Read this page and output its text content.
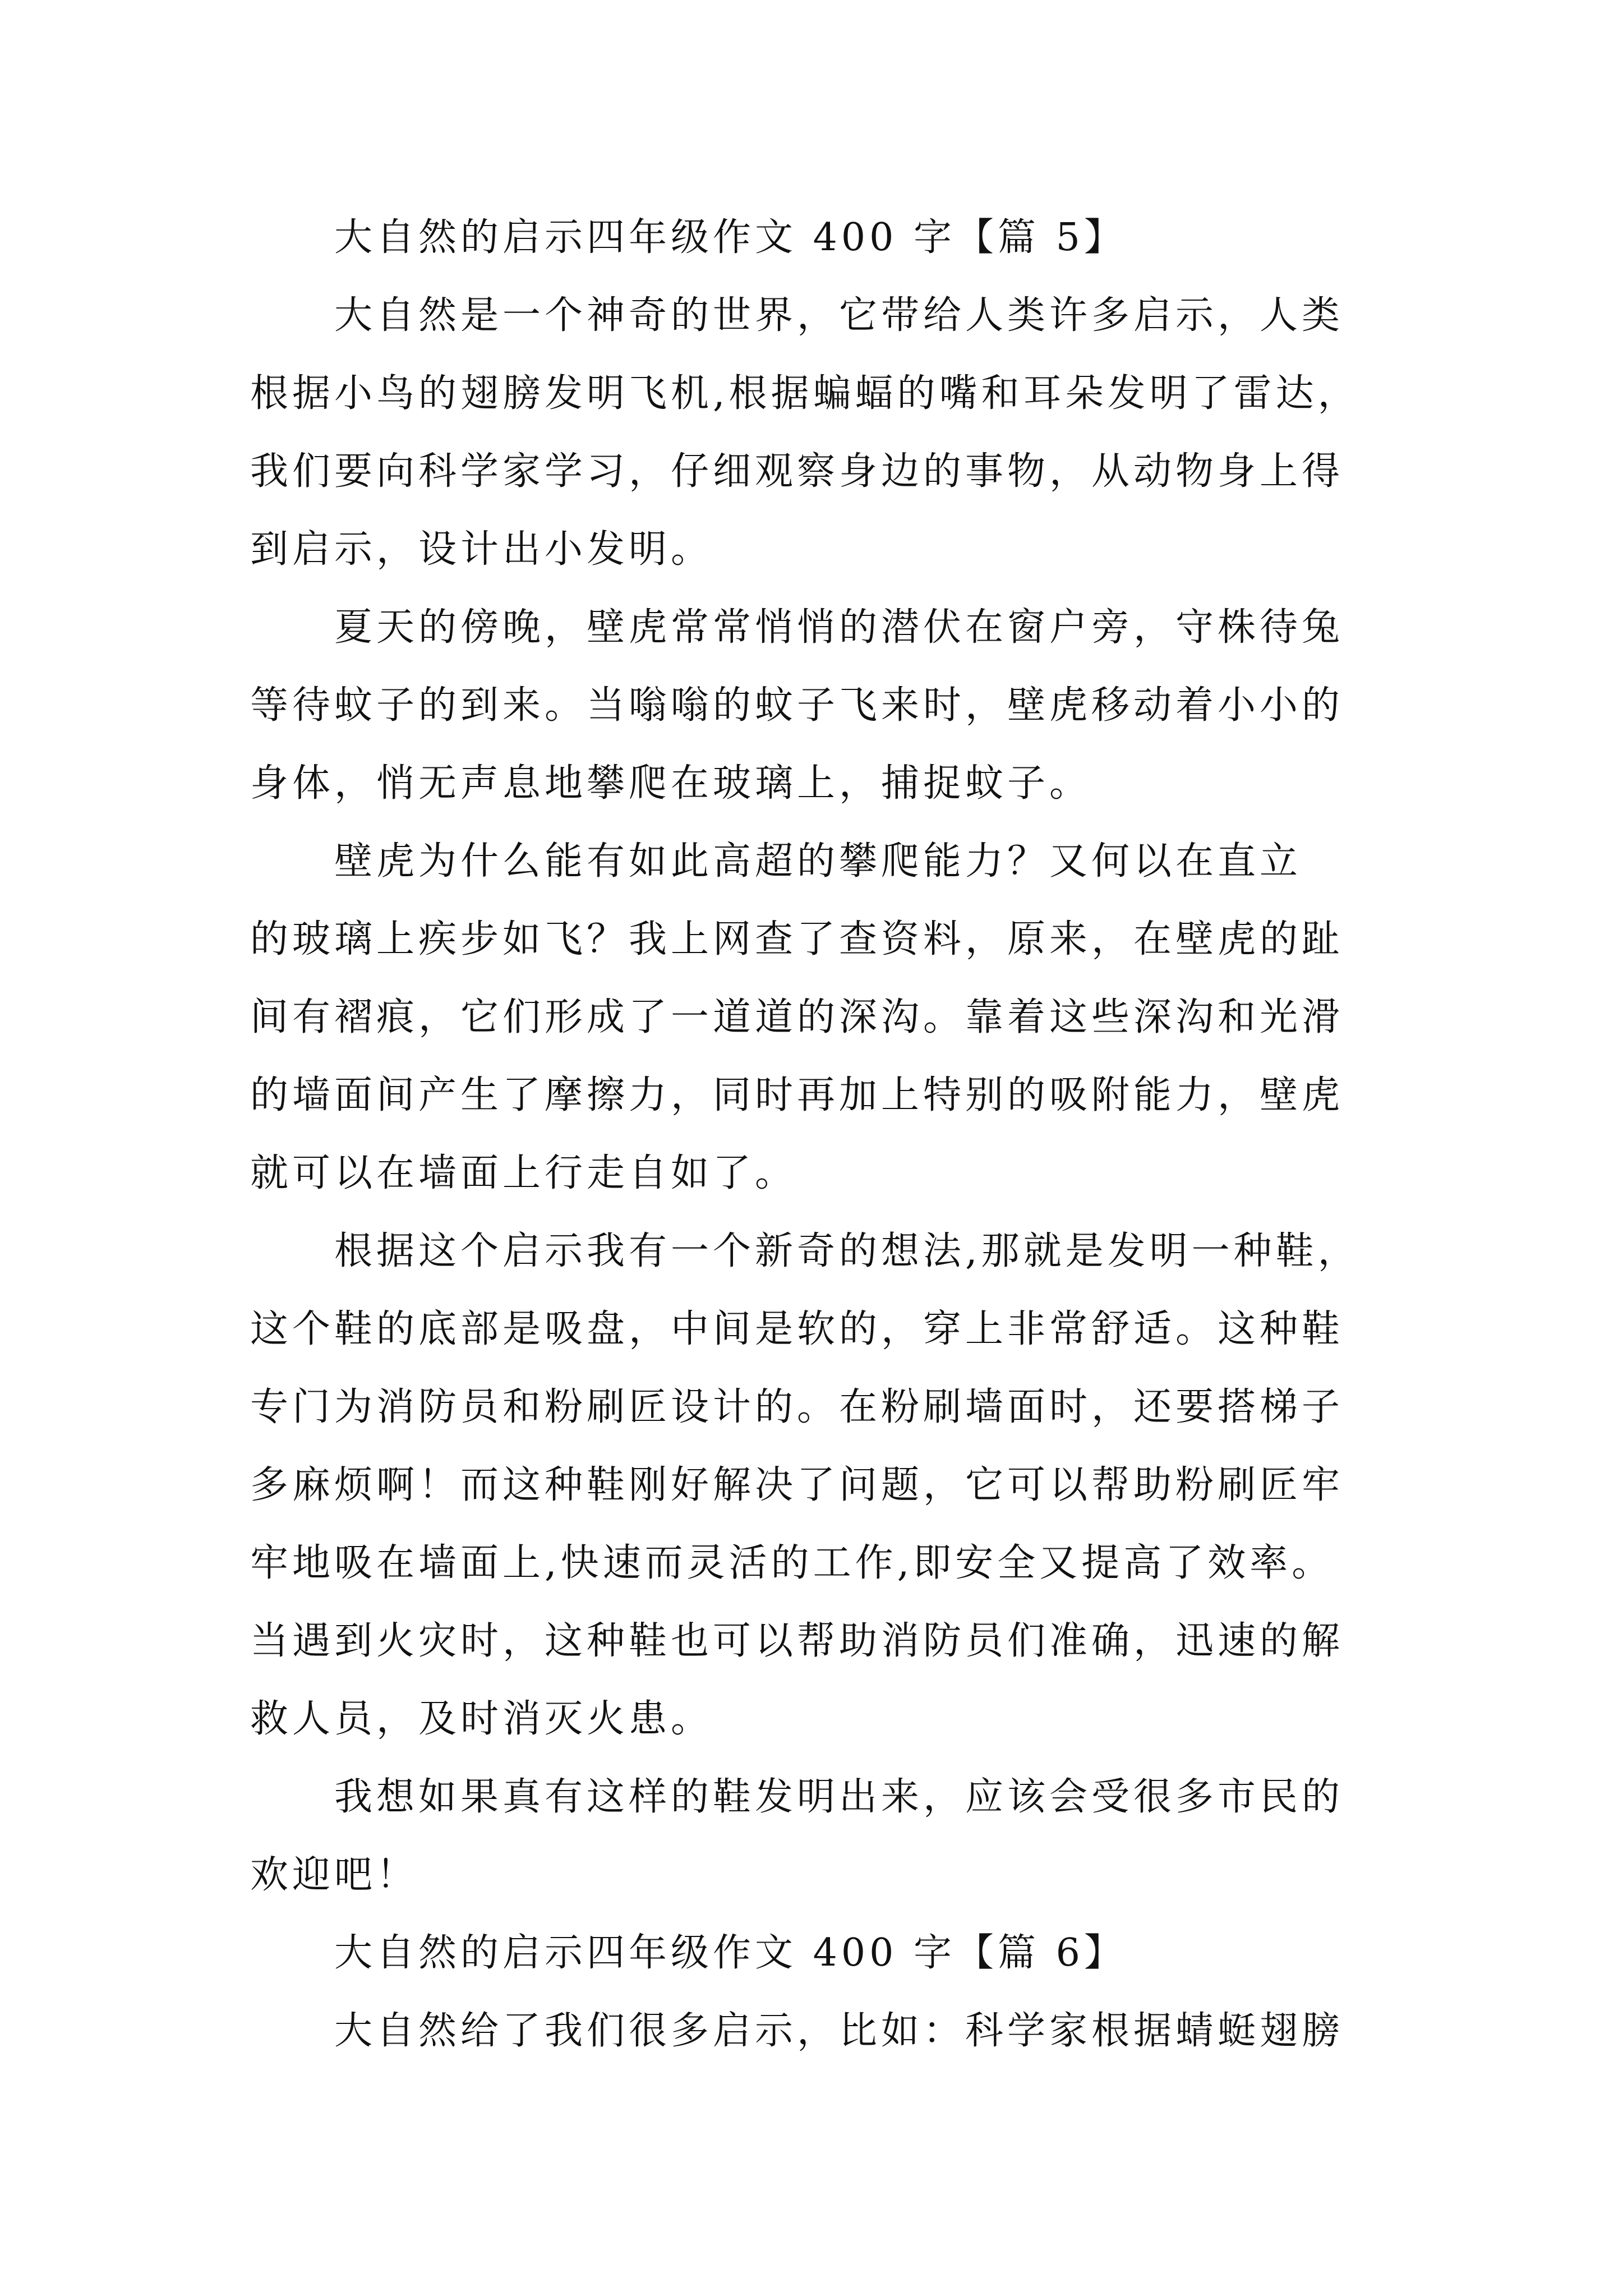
大自然的启示四年级作文 400 字【篇 5】
大自然是一个神奇的世界，它带给人类许多启示，人类
根据小鸟的翅膀发明飞机,根据蝙蝠的嘴和耳朵发明了雷达，
我们要向科学家学习，仔细观察身边的事物，从动物身上得
到启示，设计出小发明。
夏天的傍晚，壁虎常常悄悄的潜伏在窗户旁，守株待兔
等待蚊子的到来。当嗡嗡的蚊子飞来时，壁虎移动着小小的
身体，悄无声息地攀爬在玻璃上，捕捉蚊子。
壁虎为什么能有如此高超的攀爬能力？又何以在直立
的玻璃上疾步如飞？我上网查了查资料，原来，在壁虎的趾
间有褶痕，它们形成了一道道的深沟。靠着这些深沟和光滑
的墙面间产生了摩擦力，同时再加上特别的吸附能力，壁虎
就可以在墙面上行走自如了。
根据这个启示我有一个新奇的想法,那就是发明一种鞋，
这个鞋的底部是吸盘，中间是软的，穿上非常舒适。这种鞋
专门为消防员和粉刷匠设计的。在粉刷墙面时，还要搭梯子
多麻烦啊！而这种鞋刚好解决了问题，它可以帮助粉刷匠牢
牢地吸在墙面上,快速而灵活的工作,即安全又提高了效率。
当遇到火灾时，这种鞋也可以帮助消防员们准确，迅速的解
救人员，及时消灭火患。
我想如果真有这样的鞋发明出来，应该会受很多市民的
欢迎吧！
大自然的启示四年级作文 400 字【篇 6】
大自然给了我们很多启示，比如：科学家根据蜻蜓翅膀
